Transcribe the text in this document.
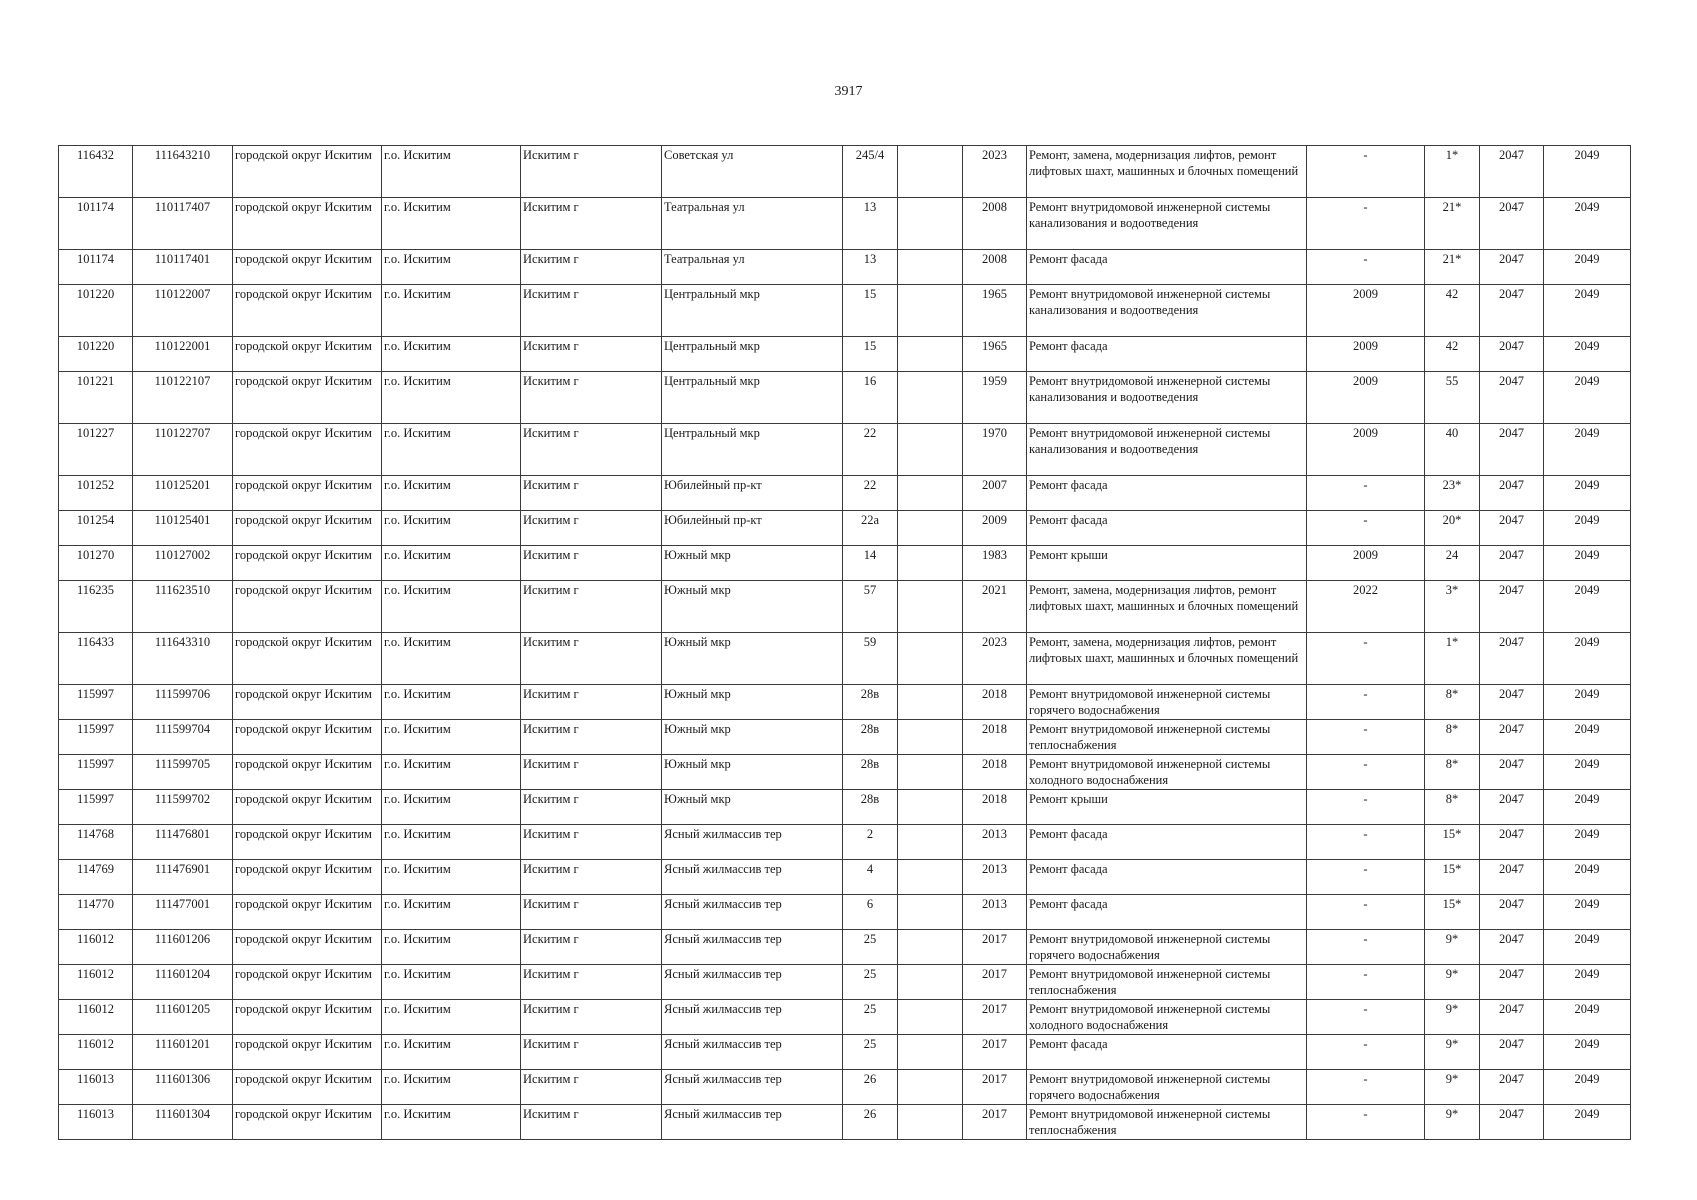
3917
116432	111643210	городской округ Искитим	г.о. Искитим	Искитим г	Советская ул	245/4		2023	Ремонт, замена, модернизация лифтов, ремонт лифтовых шахт, машинных и блочных помещений	-	1*	2047	2049
101174	110117407	городской округ Искитим	г.о. Искитим	Искитим г	Театральная ул	13		2008	Ремонт внутридомовой инженерной системы канализования и водоотведения	-	21*	2047	2049
101174	110117401	городской округ Искитим	г.о. Искитим	Искитим г	Театральная ул	13		2008	Ремонт фасада	-	21*	2047	2049
101220	110122007	городской округ Искитим	г.о. Искитим	Искитим г	Центральный мкр	15		1965	Ремонт внутридомовой инженерной системы канализования и водоотведения	2009	42	2047	2049
101220	110122001	городской округ Искитим	г.о. Искитим	Искитим г	Центральный мкр	15		1965	Ремонт фасада	2009	42	2047	2049
101221	110122107	городской округ Искитим	г.о. Искитим	Искитим г	Центральный мкр	16		1959	Ремонт внутридомовой инженерной системы канализования и водоотведения	2009	55	2047	2049
101227	110122707	городской округ Искитим	г.о. Искитим	Искитим г	Центральный мкр	22		1970	Ремонт внутридомовой инженерной системы канализования и водоотведения	2009	40	2047	2049
101252	110125201	городской округ Искитим	г.о. Искитим	Искитим г	Юбилейный пр-кт	22		2007	Ремонт фасада	-	23*	2047	2049
101254	110125401	городской округ Искитим	г.о. Искитим	Искитим г	Юбилейный пр-кт	22а		2009	Ремонт фасада	-	20*	2047	2049
101270	110127002	городской округ Искитим	г.о. Искитим	Искитим г	Южный мкр	14		1983	Ремонт крыши	2009	24	2047	2049
116235	111623510	городской округ Искитим	г.о. Искитим	Искитим г	Южный мкр	57		2021	Ремонт, замена, модернизация лифтов, ремонт лифтовых шахт, машинных и блочных помещений	2022	3*	2047	2049
116433	111643310	городской округ Искитим	г.о. Искитим	Искитим г	Южный мкр	59		2023	Ремонт, замена, модернизация лифтов, ремонт лифтовых шахт, машинных и блочных помещений	-	1*	2047	2049
115997	111599706	городской округ Искитим	г.о. Искитим	Искитим г	Южный мкр	28в		2018	Ремонт внутридомовой инженерной системы горячего водоснабжения	-	8*	2047	2049
115997	111599704	городской округ Искитим	г.о. Искитим	Искитим г	Южный мкр	28в		2018	Ремонт внутридомовой инженерной системы теплоснабжения	-	8*	2047	2049
115997	111599705	городской округ Искитим	г.о. Искитим	Искитим г	Южный мкр	28в		2018	Ремонт внутридомовой инженерной системы холодного водоснабжения	-	8*	2047	2049
115997	111599702	городской округ Искитим	г.о. Искитим	Искитим г	Южный мкр	28в		2018	Ремонт крыши	-	8*	2047	2049
114768	111476801	городской округ Искитим	г.о. Искитим	Искитим г	Ясный жилмассив тер	2		2013	Ремонт фасада	-	15*	2047	2049
114769	111476901	городской округ Искитим	г.о. Искитим	Искитим г	Ясный жилмассив тер	4		2013	Ремонт фасада	-	15*	2047	2049
114770	111477001	городской округ Искитим	г.о. Искитим	Искитим г	Ясный жилмассив тер	6		2013	Ремонт фасада	-	15*	2047	2049
116012	111601206	городской округ Искитим	г.о. Искитим	Искитим г	Ясный жилмассив тер	25		2017	Ремонт внутридомовой инженерной системы горячего водоснабжения	-	9*	2047	2049
116012	111601204	городской округ Искитим	г.о. Искитим	Искитим г	Ясный жилмассив тер	25		2017	Ремонт внутридомовой инженерной системы теплоснабжения	-	9*	2047	2049
116012	111601205	городской округ Искитим	г.о. Искитим	Искитим г	Ясный жилмассив тер	25		2017	Ремонт внутридомовой инженерной системы холодного водоснабжения	-	9*	2047	2049
116012	111601201	городской округ Искитим	г.о. Искитим	Искитим г	Ясный жилмассив тер	25		2017	Ремонт фасада	-	9*	2047	2049
116013	111601306	городской округ Искитим	г.о. Искитим	Искитим г	Ясный жилмассив тер	26		2017	Ремонт внутридомовой инженерной системы горячего водоснабжения	-	9*	2047	2049
116013	111601304	городской округ Искитим	г.о. Искитим	Искитим г	Ясный жилмассив тер	26		2017	Ремонт внутридомовой инженерной системы теплоснабжения	-	9*	2047	2049
